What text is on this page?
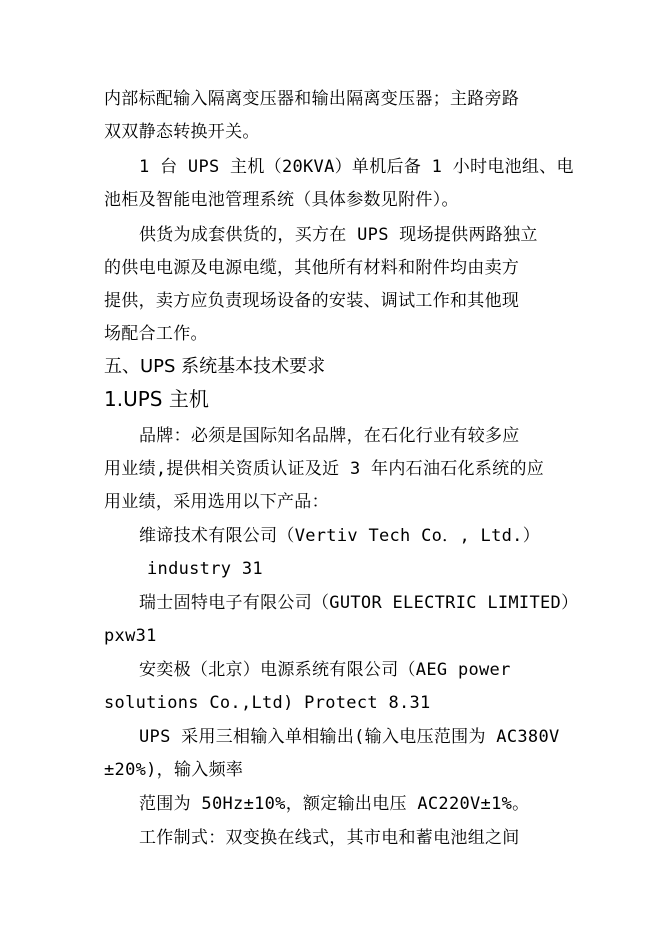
内部标配输入隔离变压器和输出隔离变压器；主路旁路
双双静态转换开关。
1 台 UPS 主机（20KVA）单机后备 1 小时电池组、电
池柜及智能电池管理系统（具体参数见附件）。
供货为成套供货的，买方在 UPS 现场提供两路独立
的供电电源及电源电缆，其他所有材料和附件均由卖方
提供，卖方应负责现场设备的安装、调试工作和其他现
场配合工作。
五、UPS 系统基本技术要求
1.UPS 主机
品牌：必须是国际知名品牌，在石化行业有较多应
用业绩,提供相关资质认证及近 3 年内石油石化系统的应
用业绩，采用选用以下产品：
维谛技术有限公司（Vertiv Tech Co．, Ltd.）
industry 31
瑞士固特电子有限公司（GUTOR ELECTRIC LIMITED）
pxw31
安奕极（北京）电源系统有限公司（AEG power
solutions Co.,Ltd) Protect 8.31
UPS 采用三相输入单相输出(输入电压范围为 AC380V
±20%)，输入频率
范围为 50Hz±10%，额定输出电压 AC220V±1%。
工作制式：双变换在线式，其市电和蓄电池组之间
